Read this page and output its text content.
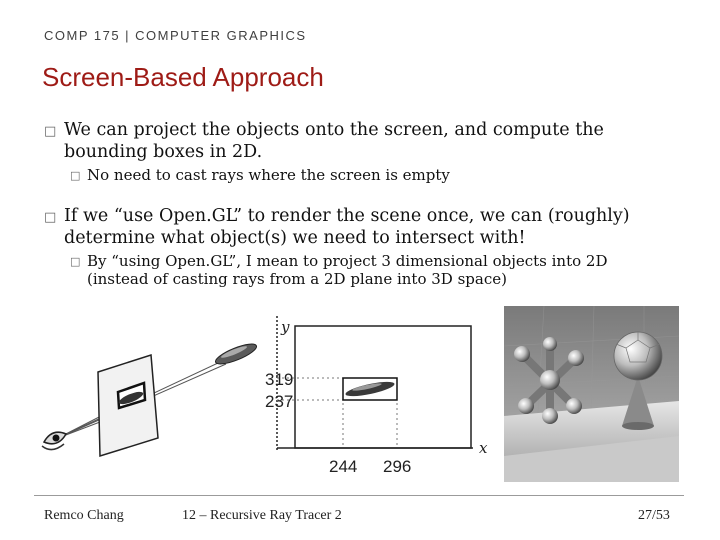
COMP 175 | COMPUTER GRAPHICS
Screen-Based Approach
□ We can project the objects onto the screen, and compute the
bounding boxes in 2D.
□ No need to cast rays where the screen is empty
□ If we “use Open.GL” to render the scene once, we can (roughly)
determine what object(s) we need to intersect with!
□ By “using Open.GL”, I mean to project 3 dimensional objects into 2D
(instead of casting rays from a 2D plane into 3D space)
y
x
319
237
244 296
Remco Chang	12 – Recursive Ray Tracer 2	27/53
